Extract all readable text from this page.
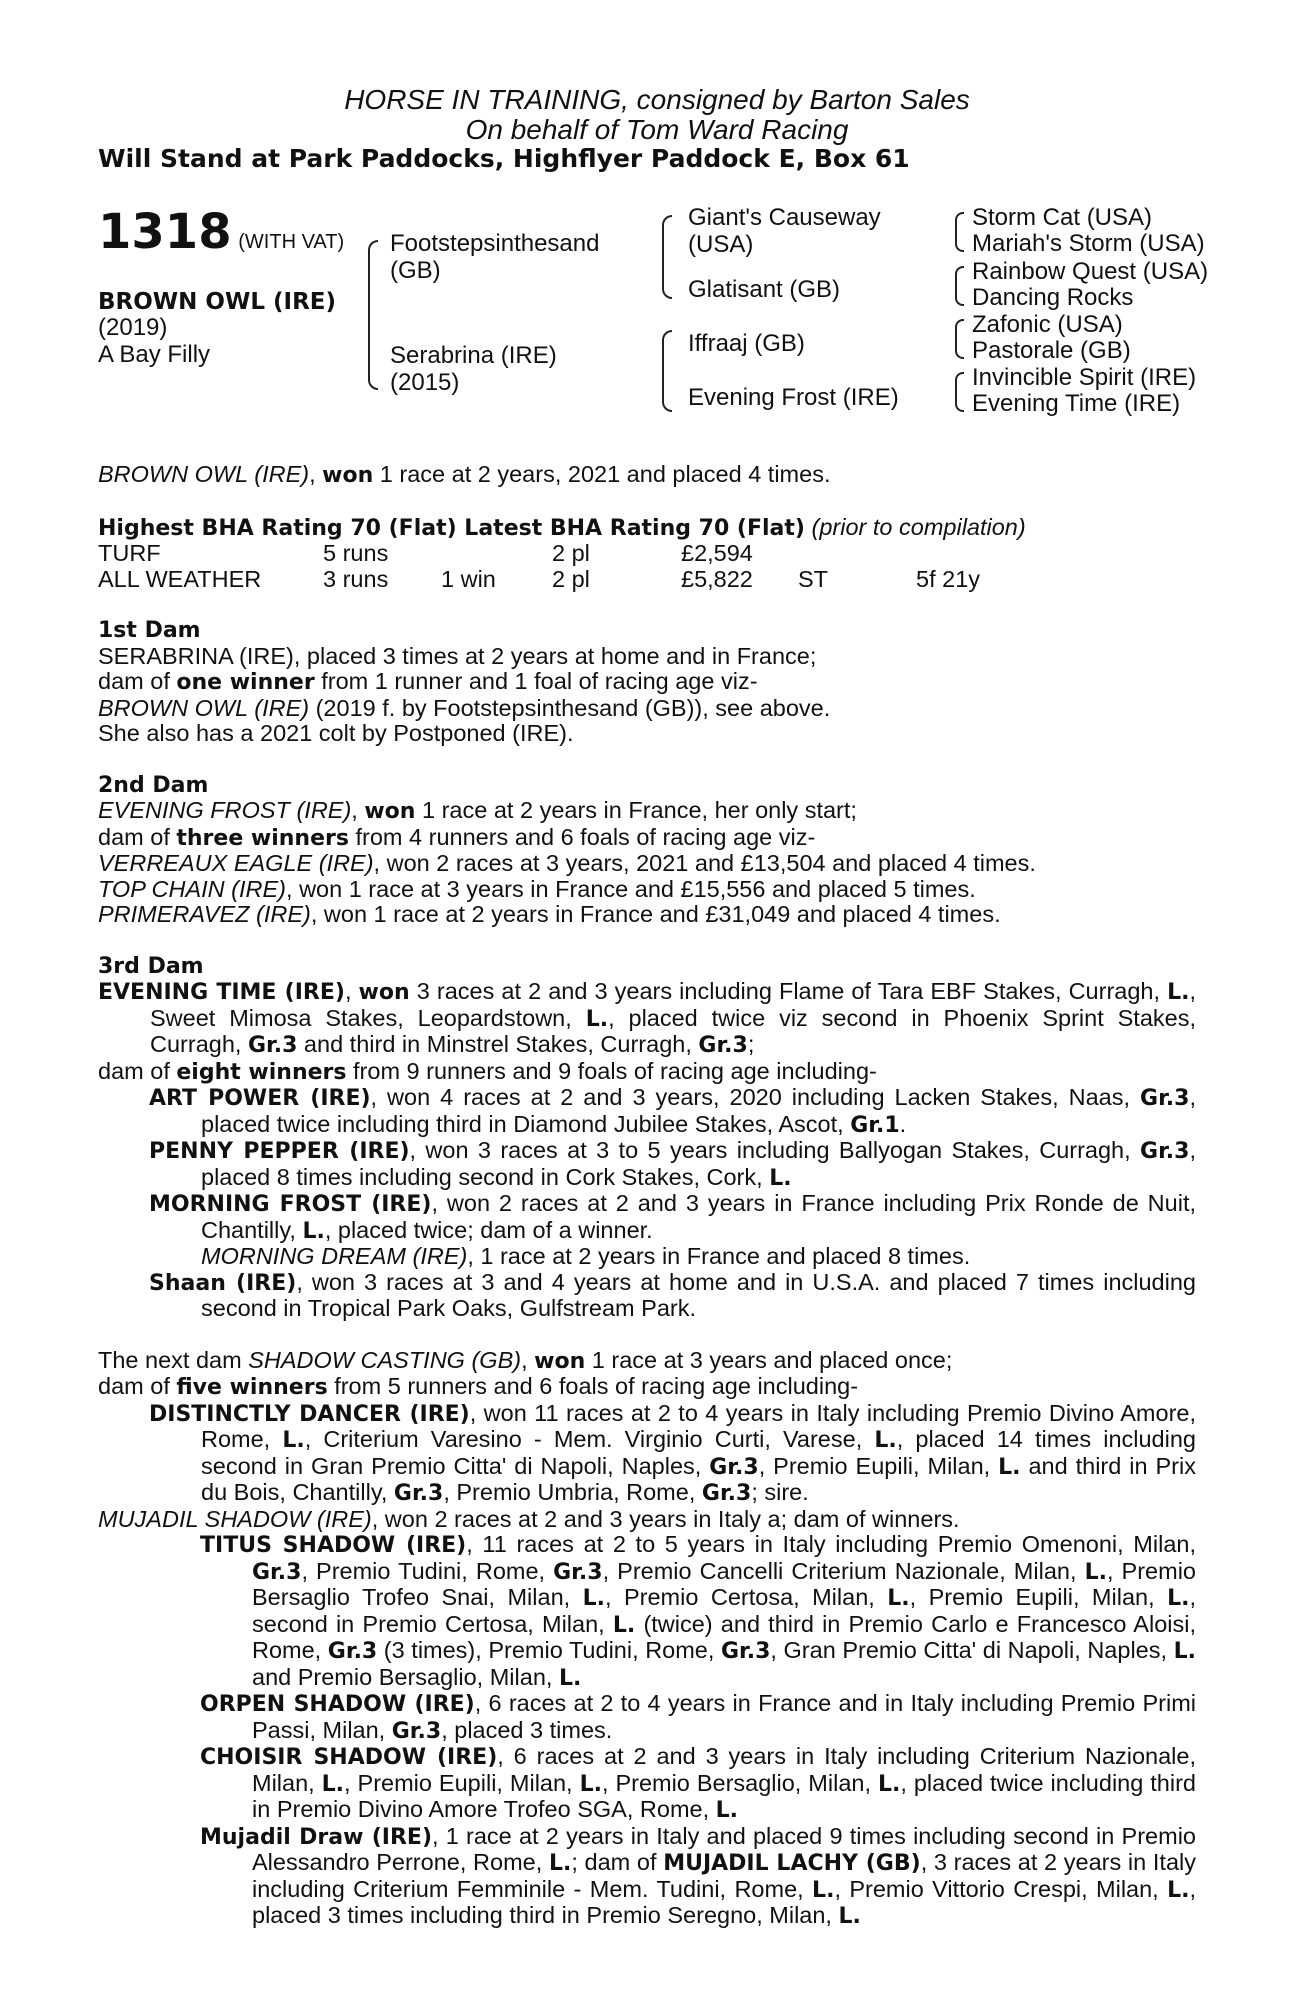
HORSE IN TRAINING, consigned by Barton Sales
On behalf of Tom Ward Racing
Will Stand at Park Paddocks, Highflyer Paddock E, Box 61
1318 (WITH VAT)
BROWN OWL (IRE)
(2019)
A Bay Filly
Footstepsinthesand
(GB)
Serabrina (IRE)
(2015)
Giant's Causeway
(USA)
Glatisant (GB)
Iffraaj (GB)
Evening Frost (IRE)
Storm Cat (USA)
Mariah's Storm (USA)
Rainbow Quest (USA)
Dancing Rocks
Zafonic (USA)
Pastorale (GB)
Invincible Spirit (IRE)
Evening Time (IRE)

BROWN OWL (IRE), won 1 race at 2 years, 2021 and placed 4 times.

Highest BHA Rating 70 (Flat) Latest BHA Rating 70 (Flat) (prior to compilation)

TURF	5 runs	2 pl	£2,594
ALL WEATHER	3 runs 1 win 2 pl	£5,822 ST	5f 21y

1st Dam

SERABRINA (IRE), placed 3 times at 2 years at home and in France;

dam of one winner from 1 runner and 1 foal of racing age viz-

BROWN OWL (IRE) (2019 f. by Footstepsinthesand (GB)), see above.

She also has a 2021 colt by Postponed (IRE).

2nd Dam

EVENING FROST (IRE), won 1 race at 2 years in France, her only start;

dam of three winners from 4 runners and 6 foals of racing age viz-

VERREAUX EAGLE (IRE), won 2 races at 3 years, 2021 and £13,504 and placed 4 times.

TOP CHAIN (IRE), won 1 race at 3 years in France and £15,556 and placed 5 times.

PRIMERAVEZ (IRE), won 1 race at 2 years in France and £31,049 and placed 4 times.

3rd Dam

EVENING TIME (IRE), won 3 races at 2 and 3 years including Flame of Tara EBF Stakes, Curragh, L., Sweet Mimosa Stakes, Leopardstown, L., placed twice viz second in Phoenix Sprint Stakes, Curragh, Gr.3 and third in Minstrel Stakes, Curragh, Gr.3;

dam of eight winners from 9 runners and 9 foals of racing age including-

ART POWER (IRE), won 4 races at 2 and 3 years, 2020 including Lacken Stakes, Naas, Gr.3, placed twice including third in Diamond Jubilee Stakes, Ascot, Gr.1.

PENNY PEPPER (IRE), won 3 races at 3 to 5 years including Ballyogan Stakes, Curragh, Gr.3, placed 8 times including second in Cork Stakes, Cork, L.

MORNING FROST (IRE), won 2 races at 2 and 3 years in France including Prix Ronde de Nuit, Chantilly, L., placed twice; dam of a winner.

MORNING DREAM (IRE), 1 race at 2 years in France and placed 8 times.

Shaan (IRE), won 3 races at 3 and 4 years at home and in U.S.A. and placed 7 times including second in Tropical Park Oaks, Gulfstream Park.

The next dam SHADOW CASTING (GB), won 1 race at 3 years and placed once;

dam of five winners from 5 runners and 6 foals of racing age including-

DISTINCTLY DANCER (IRE), won 11 races at 2 to 4 years in Italy including Premio Divino Amore, Rome, L., Criterium Varesino - Mem. Virginio Curti, Varese, L., placed 14 times including second in Gran Premio Citta' di Napoli, Naples, Gr.3, Premio Eupili, Milan, L. and third in Prix du Bois, Chantilly, Gr.3, Premio Umbria, Rome, Gr.3; sire.

MUJADIL SHADOW (IRE), won 2 races at 2 and 3 years in Italy a; dam of winners.

TITUS SHADOW (IRE), 11 races at 2 to 5 years in Italy including Premio Omenoni, Milan, Gr.3, Premio Tudini, Rome, Gr.3, Premio Cancelli Criterium Nazionale, Milan, L., Premio Bersaglio Trofeo Snai, Milan, L., Premio Certosa, Milan, L., Premio Eupili, Milan, L., second in Premio Certosa, Milan, L. (twice) and third in Premio Carlo e Francesco Aloisi, Rome, Gr.3 (3 times), Premio Tudini, Rome, Gr.3, Gran Premio Citta' di Napoli, Naples, L. and Premio Bersaglio, Milan, L.

ORPEN SHADOW (IRE), 6 races at 2 to 4 years in France and in Italy including Premio Primi Passi, Milan, Gr.3, placed 3 times.

CHOISIR SHADOW (IRE), 6 races at 2 and 3 years in Italy including Criterium Nazionale, Milan, L., Premio Eupili, Milan, L., Premio Bersaglio, Milan, L., placed twice including third in Premio Divino Amore Trofeo SGA, Rome, L.

Mujadil Draw (IRE), 1 race at 2 years in Italy and placed 9 times including second in Premio Alessandro Perrone, Rome, L.; dam of MUJADIL LACHY (GB), 3 races at 2 years in Italy including Criterium Femminile - Mem. Tudini, Rome, L., Premio Vittorio Crespi, Milan, L., placed 3 times including third in Premio Seregno, Milan, L.
